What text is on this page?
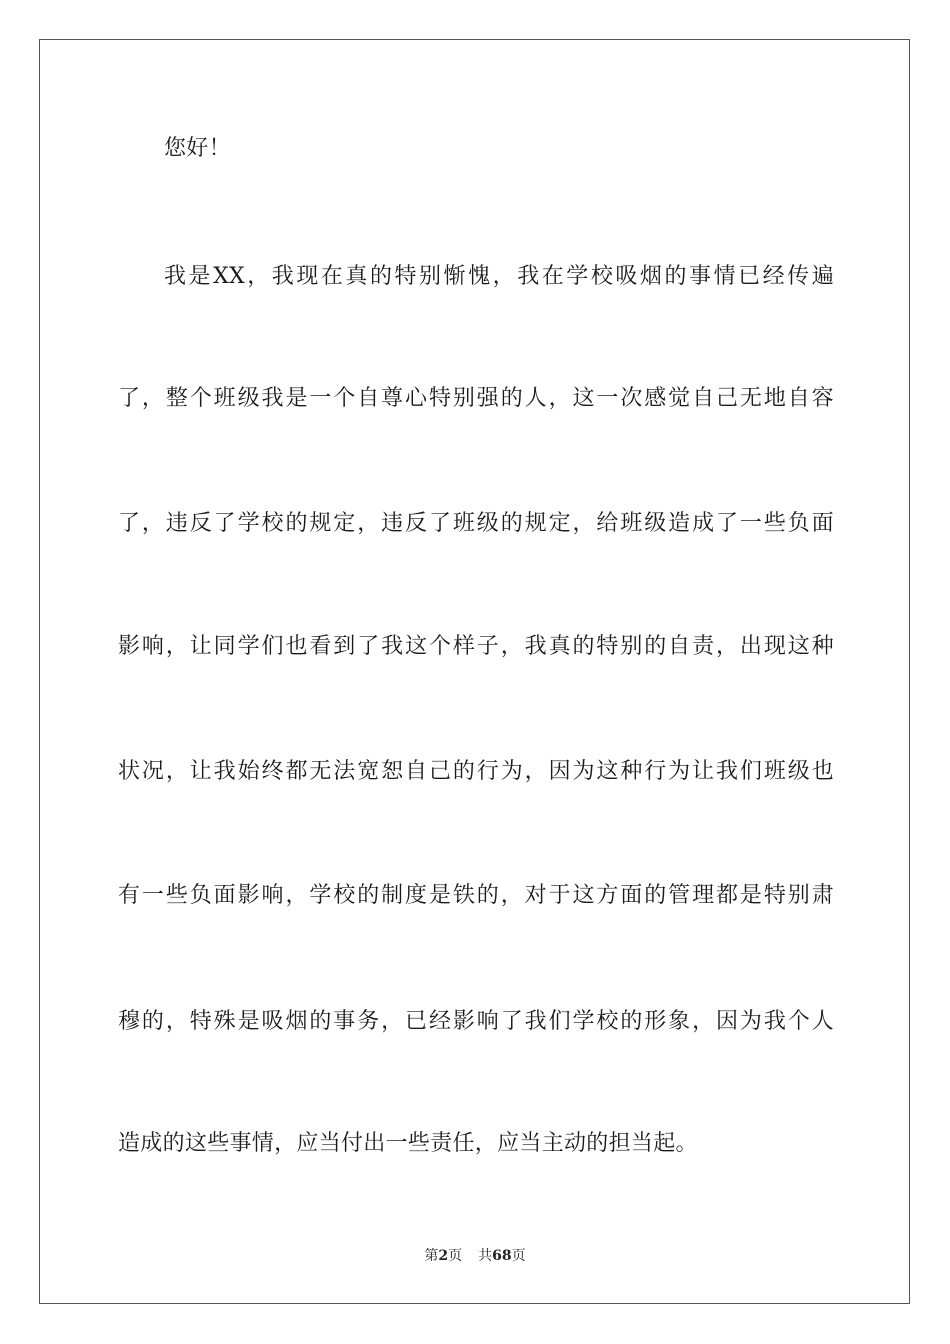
您好！
我是XX，我现在真的特别惭愧，我在学校吸烟的事情已经传遍
了，整个班级我是一个自尊心特别强的人，这一次感觉自己无地自容
了，违反了学校的规定，违反了班级的规定，给班级造成了一些负面
影响，让同学们也看到了我这个样子，我真的特别的自责，出现这种
状况，让我始终都无法宽恕自己的行为，因为这种行为让我们班级也
有一些负面影响，学校的制度是铁的，对于这方面的管理都是特别肃
穆的，特殊是吸烟的事务，已经影响了我们学校的形象，因为我个人
造成的这些事情，应当付出一些责任，应当主动的担当起。
第2页 共68页
